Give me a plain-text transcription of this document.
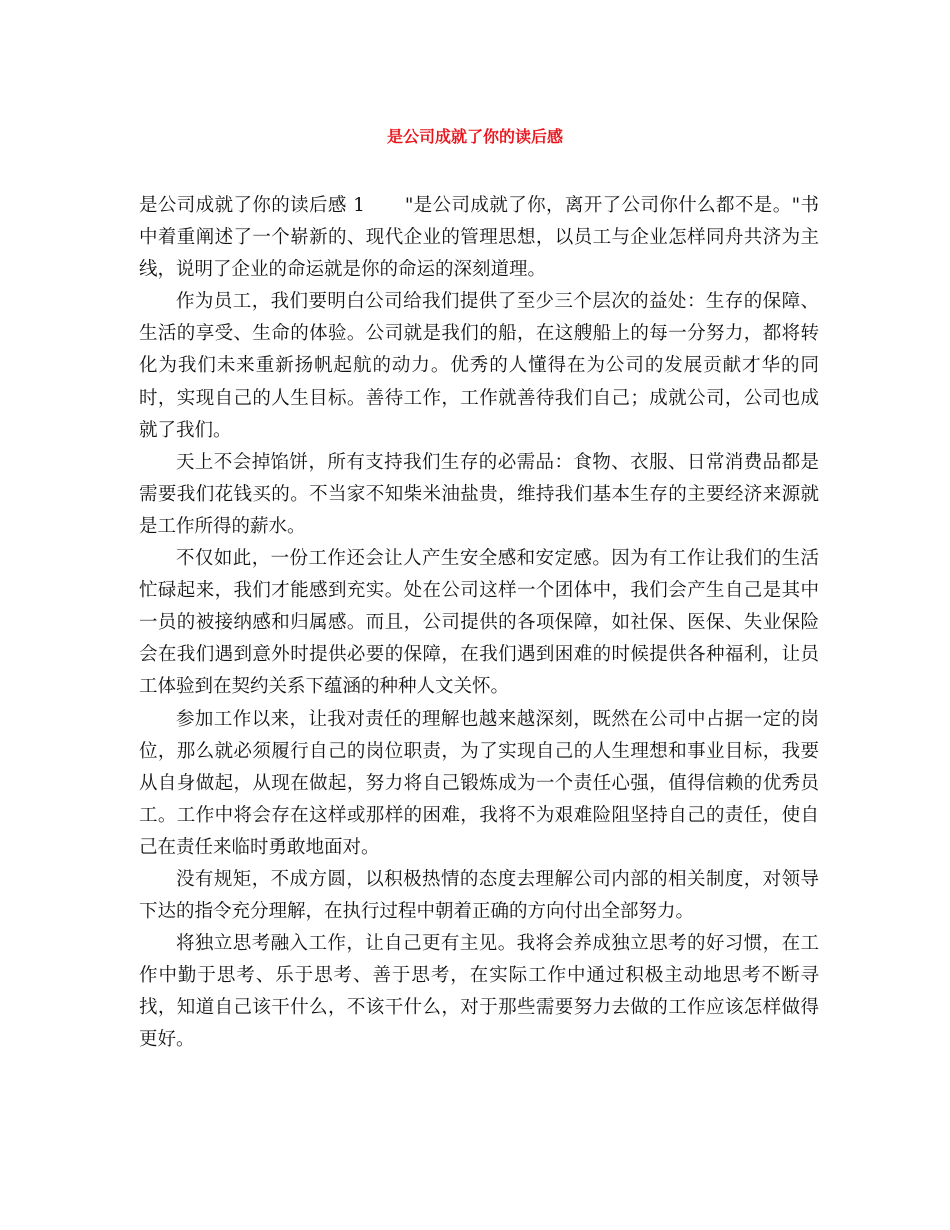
是公司成就了你的读后感

是公司成就了你的读后感 1 "是公司成就了你，离开了公司你什么都不是。"书中着重阐述了一个崭新的、现代企业的管理思想，以员工与企业怎样同舟共济为主线，说明了企业的命运就是你的命运的深刻道理。

作为员工，我们要明白公司给我们提供了至少三个层次的益处：生存的保障、生活的享受、生命的体验。公司就是我们的船，在这艘船上的每一分努力，都将转化为我们未来重新扬帆起航的动力。优秀的人懂得在为公司的发展贡献才华的同时，实现自己的人生目标。善待工作，工作就善待我们自己；成就公司，公司也成就了我们。

天上不会掉馅饼，所有支持我们生存的必需品：食物、衣服、日常消费品都是需要我们花钱买的。不当家不知柴米油盐贵，维持我们基本生存的主要经济来源就是工作所得的薪水。

不仅如此，一份工作还会让人产生安全感和安定感。因为有工作让我们的生活忙碌起来，我们才能感到充实。处在公司这样一个团体中，我们会产生自己是其中一员的被接纳感和归属感。而且，公司提供的各项保障，如社保、医保、失业保险会在我们遇到意外时提供必要的保障，在我们遇到困难的时候提供各种福利，让员工体验到在契约关系下蕴涵的种种人文关怀。

参加工作以来，让我对责任的理解也越来越深刻，既然在公司中占据一定的岗位，那么就必须履行自己的岗位职责，为了实现自己的人生理想和事业目标，我要从自身做起，从现在做起，努力将自己锻炼成为一个责任心强，值得信赖的优秀员工。工作中将会存在这样或那样的困难，我将不为艰难险阻坚持自己的责任，使自己在责任来临时勇敢地面对。

没有规矩，不成方圆，以积极热情的态度去理解公司内部的相关制度，对领导下达的指令充分理解，在执行过程中朝着正确的方向付出全部努力。

将独立思考融入工作，让自己更有主见。我将会养成独立思考的好习惯，在工作中勤于思考、乐于思考、善于思考，在实际工作中通过积极主动地思考不断寻找，知道自己该干什么，不该干什么，对于那些需要努力去做的工作应该怎样做得更好。
